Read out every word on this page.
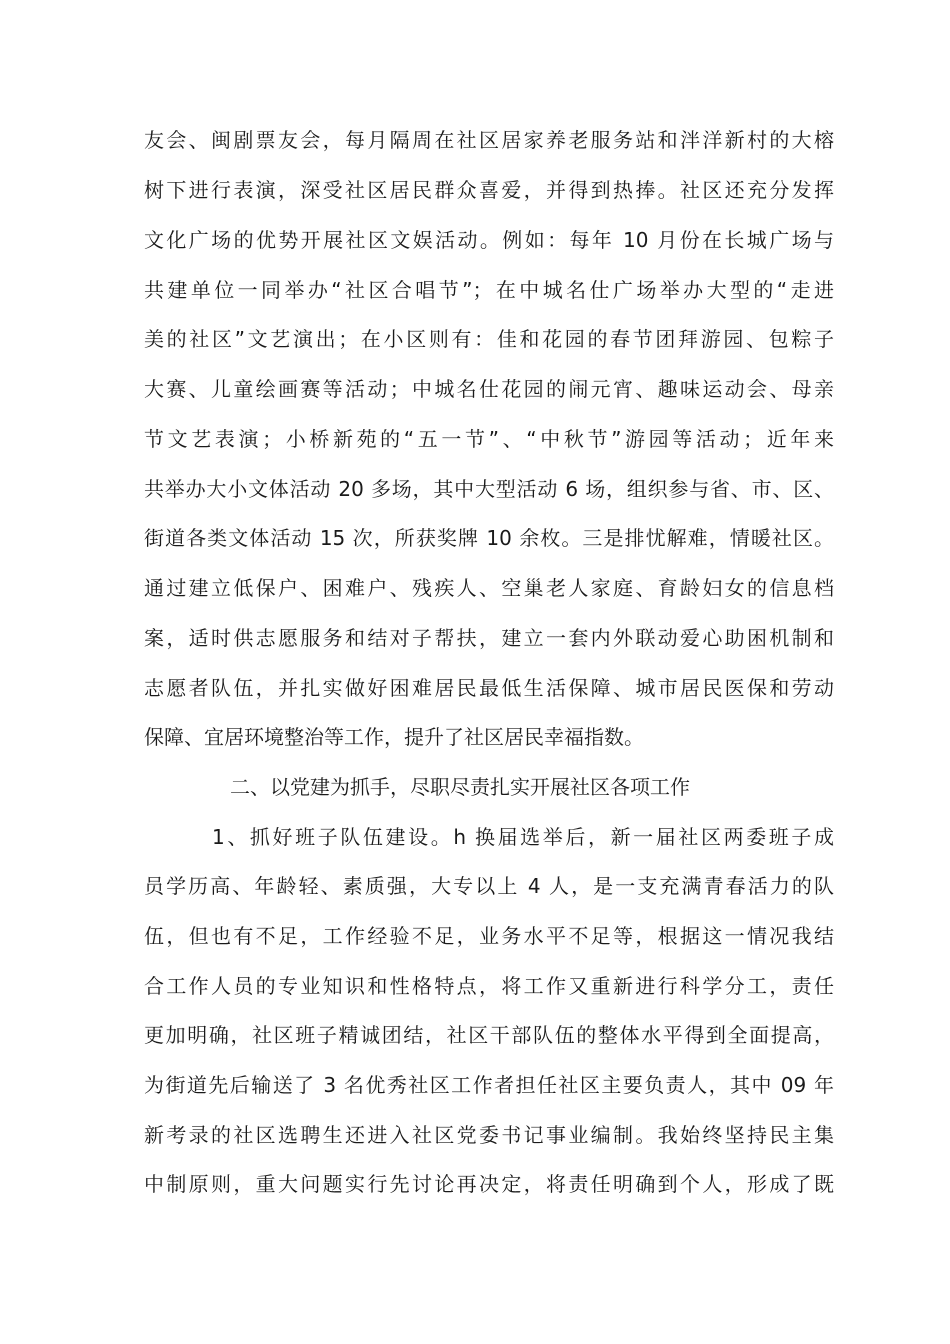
友会、闽剧票友会，每月隔周在社区居家养老服务站和泮洋新村的大榕
树下进行表演，深受社区居民群众喜爱，并得到热捧。社区还充分发挥
文化广场的优势开展社区文娱活动。例如：每年 10 月份在长城广场与
共建单位一同举办“社区合唱节”；在中城名仕广场举办大型的“走进
美的社区”文艺演出；在小区则有：佳和花园的春节团拜游园、包粽子
大赛、儿童绘画赛等活动；中城名仕花园的闹元宵、趣味运动会、母亲
节文艺表演；小桥新苑的“五一节”、“中秋节”游园等活动；近年来
共举办大小文体活动 20 多场，其中大型活动 6 场，组织参与省、市、区、
街道各类文体活动 15 次，所获奖牌 10 余枚。三是排忧解难，情暖社区。
通过建立低保户、困难户、残疾人、空巢老人家庭、育龄妇女的信息档
案，适时供志愿服务和结对子帮扶，建立一套内外联动爱心助困机制和
志愿者队伍，并扎实做好困难居民最低生活保障、城市居民医保和劳动
保障、宜居环境整治等工作，提升了社区居民幸福指数。
二、以党建为抓手，尽职尽责扎实开展社区各项工作
1、抓好班子队伍建设。h 换届选举后，新一届社区两委班子成
员学历高、年龄轻、素质强，大专以上 4 人，是一支充满青春活力的队
伍，但也有不足，工作经验不足，业务水平不足等，根据这一情况我结
合工作人员的专业知识和性格特点，将工作又重新进行科学分工，责任
更加明确，社区班子精诚团结，社区干部队伍的整体水平得到全面提高，
为街道先后输送了 3 名优秀社区工作者担任社区主要负责人，其中 09 年
新考录的社区选聘生还进入社区党委书记事业编制。我始终坚持民主集
中制原则，重大问题实行先讨论再决定，将责任明确到个人，形成了既
